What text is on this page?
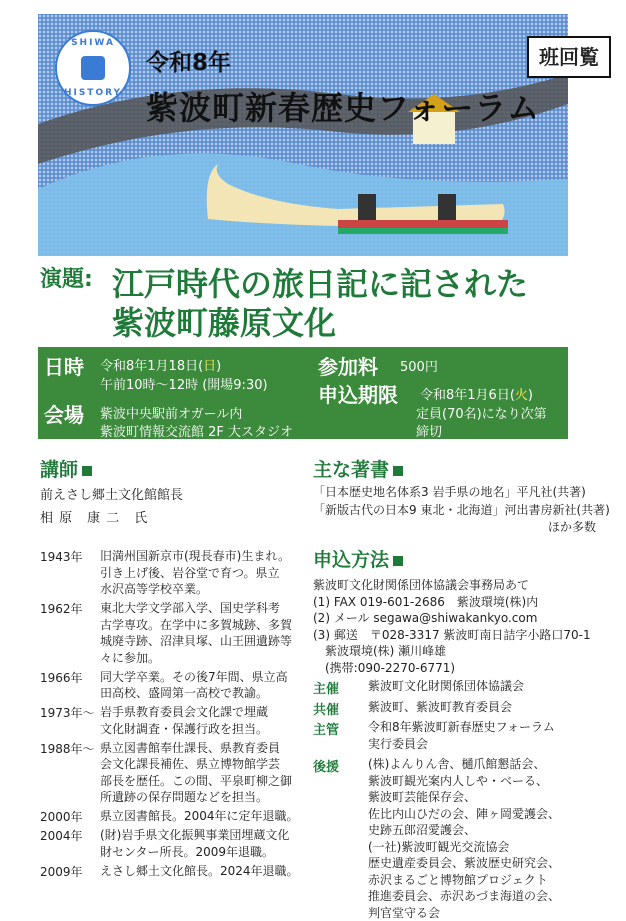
SHIWA
HISTORY
班回覧
令和8年
紫波町新春歴史フォーラム
演題: 江戸時代の旅日記に記された
紫波町藤原文化
日時 令和8年1月18日(日)
午前10時～12時 (開場9:30)
会場 紫波中央駅前オガール内
紫波町情報交流館 2F 大スタジオ
参加料 500円
申込期限 令和8年1月6日(火)
定員(70名)になり次第
締切
講師
前えさし郷土文化館館長
相 原　康 二　氏
主な著書
「日本歴史地名体系3 岩手県の地名」平凡社(共著)
「新版古代の日本9 東北・北海道」河出書房新社(共著)
ほか多数
申込方法
1943年	旧満州国新京市(現長春市)生まれ。
引き上げ後、岩谷堂で育つ。県立
水沢高等学校卒業。
1962年	東北大学文学部入学、国史学科考
古学専攻。在学中に多賀城跡、多賀
城廃寺跡、沼津貝塚、山王囲遺跡等
々に参加。
1966年	同大学卒業。その後7年間、県立高
田高校、盛岡第一高校で教諭。
1973年～ 岩手県教育委員会文化課で埋蔵
文化財調査・保護行政を担当。
1988年～ 県立図書館奉仕課長、県教育委員
会文化課長補佐、県立博物館学芸
部長を歴任。この間、平泉町柳之御
所遺跡の保存問題などを担当。
2000年	県立図書館長。2004年に定年退職。
2004年	(財)岩手県文化振興事業団埋蔵文化
財センター所長。2009年退職。
2009年	えさし郷土文化館長。2024年退職。
紫波町文化財関係団体協議会事務局あて
(1) FAX 019-601-2686　紫波環境(株)内
(2) メール segawa@shiwakankyo.com
(3) 郵送　〒028-3317 紫波町南日詰字小路口70-1
　紫波環境(株) 瀬川峰雄
　(携帯:090-2270-6771)
主催 紫波町文化財関係団体協議会
共催 紫波町、紫波町教育委員会
主管 令和8年紫波町新春歴史フォーラム
実行委員会
後援 (株)よんりん舎、樋爪館懇話会、
紫波町観光案内人しや・ベーる、
紫波町芸能保存会、
佐比内山ひだの会、陣ヶ岡愛護会、
史跡五郎沼愛護会、
(一社)紫波町観光交流協会
歴史遺産委員会、紫波歴史研究会、
赤沢まるごと博物館プロジェクト
推進委員会、赤沢あづま海道の会、
判官堂守る会
